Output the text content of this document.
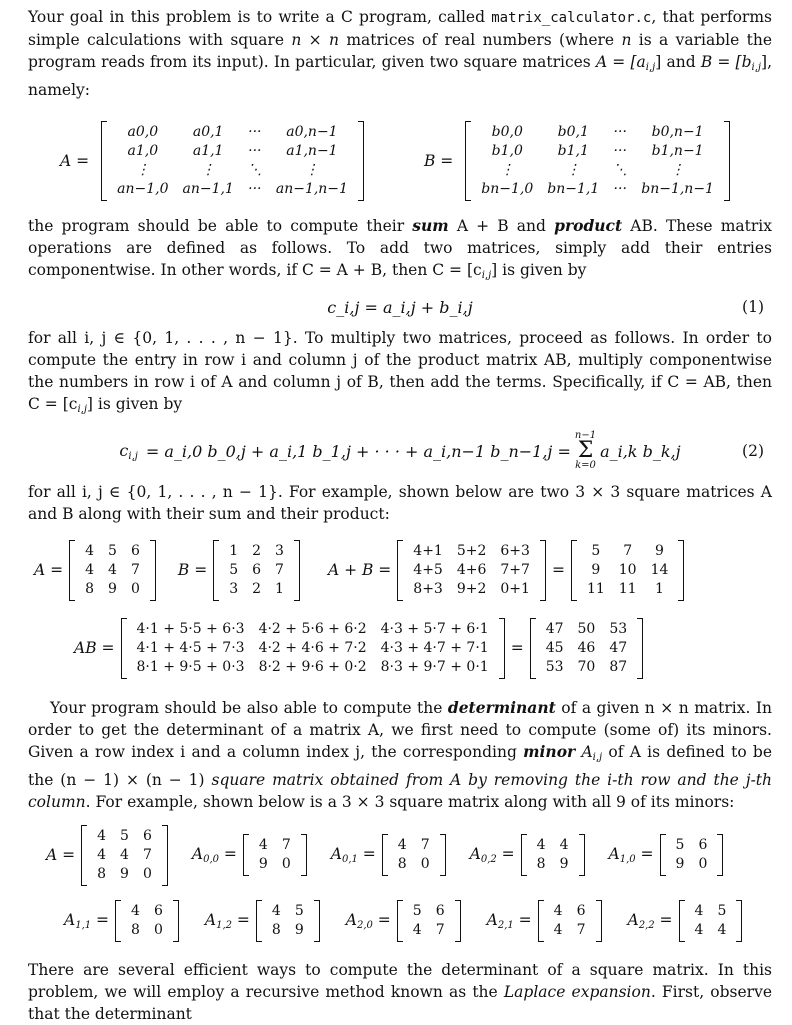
Your goal in this problem is to write a C program, called matrix_calculator.c, that performs simple calculations with square n × n matrices of real numbers (where n is a variable the program reads from its input). In particular, given two square matrices $A = [a_{i,j}]$ and $B = [b_{i,j}]$, namely:

A =
a0,0	a0,1	···	a0,n−1
a1,0	a1,1	···	a1,n−1
⋮	⋮	⋱	⋮
an−1,0	an−1,1	···	an−1,n−1
B =
b0,0	b0,1	···	b0,n−1
b1,0	b1,1	···	b1,n−1
⋮	⋮	⋱	⋮
bn−1,0	bn−1,1	···	bn−1,n−1

the program should be able to compute their sum A + B and product AB. These matrix operations are defined as follows. To add two matrices, simply add their entries componentwise. In other words, if C = A + B, then $C = [c_{i,j}]$ is given by

c_i,j = a_i,j + b_i,j	(1)

for all i, j ∈ {0, 1, . . . , n − 1}. To multiply two matrices, proceed as follows. In order to compute the entry in row i and column j of the product matrix AB, multiply componentwise the numbers in row i of A and column j of B, then add the terms. Specifically, if C = AB, then $C = [c_{i,j}]$ is given by

$c_{i,j}$ = a_i,0 b_0,j + a_i,1 b_1,j + · · · + a_i,n−1 b_n−1,j =
n−1
Σ
k=0
a_i,k b_k,j	(2)

for all i, j ∈ {0, 1, . . . , n − 1}. For example, shown below are two 3 × 3 square matrices A and B along with their sum and their product:

A =
4	5	6
4	4	7
8	9	0
B =
1	2	3
5	6	7
3	2	1
A + B =
4+1	5+2	6+3
4+5	4+6	7+7
8+3	9+2	0+1
=
5	7	9
9	10	14
11	11	1
AB =
4·1 + 5·5 + 6·3	4·2 + 5·6 + 6·2	4·3 + 5·7 + 6·1
4·1 + 4·5 + 7·3	4·2 + 4·6 + 7·2	4·3 + 4·7 + 7·1
8·1 + 9·5 + 0·3	8·2 + 9·6 + 0·2	8·3 + 9·7 + 0·1
=
47	50	53
45	46	47
53	70	87

Your program should be also able to compute the determinant of a given n × n matrix. In order to get the determinant of a matrix A, we first need to compute (some of) its minors. Given a row index i and a column index j, the corresponding minor $A_{i,j}$ of A is defined to be the (n − 1) × (n − 1) square matrix obtained from A by removing the i-th row and the j-th column. For example, shown below is a 3 × 3 square matrix along with all 9 of its minors:

A =
4	5	6
4	4	7
8	9	0
$A_{0,0}$ =	4	7
9	0
$A_{0,1}$ =	4	7
8	0
$A_{0,2}$ =	4	4
8	9
$A_{1,0}$ =	5	6
9	0
$A_{1,1}$ =	4	6
8	0
$A_{1,2}$ =	4	5
8	9
$A_{2,0}$ =	5	6
4	7
$A_{2,1}$ =	4	6
4	7
$A_{2,2}$ =	4	5
4	4

There are several efficient ways to compute the determinant of a square matrix. In this problem, we will employ a recursive method known as the Laplace expansion. First, observe that the determinant
